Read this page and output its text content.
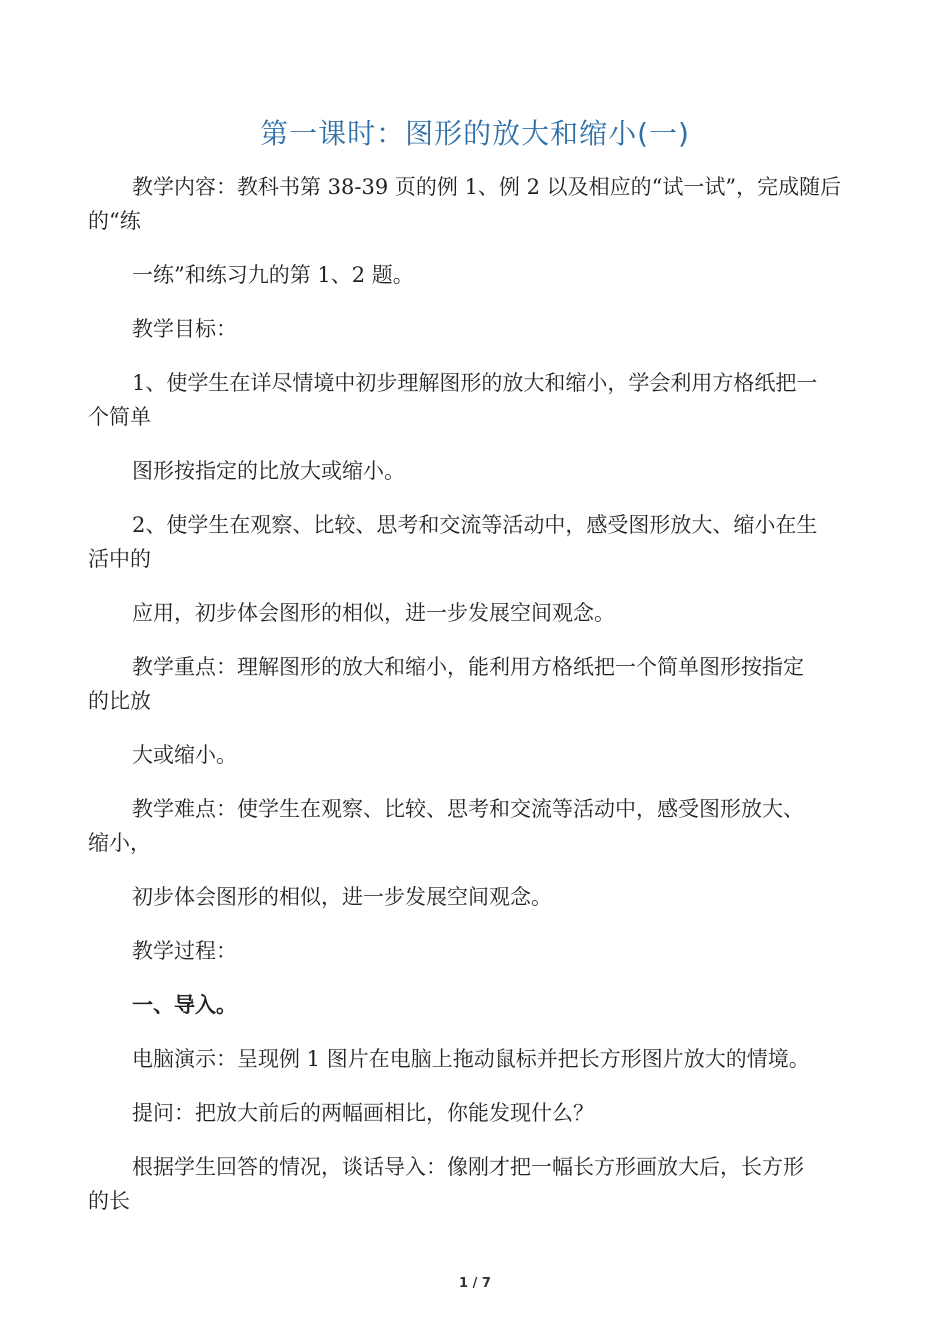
第一课时：图形的放大和缩小(一)
教学内容：教科书第 38-39 页的例 1、例 2 以及相应的“试一试”，完成随后
的“练
一练”和练习九的第 1、2 题。
教学目标：
1、使学生在详尽情境中初步理解图形的放大和缩小，学会利用方格纸把一
个简单
图形按指定的比放大或缩小。
2、使学生在观察、比较、思考和交流等活动中，感受图形放大、缩小在生
活中的
应用，初步体会图形的相似，进一步发展空间观念。
教学重点：理解图形的放大和缩小，能利用方格纸把一个简单图形按指定
的比放
大或缩小。
教学难点：使学生在观察、比较、思考和交流等活动中，感受图形放大、
缩小，
初步体会图形的相似，进一步发展空间观念。
教学过程：
一、导入。
电脑演示：呈现例 1 图片在电脑上拖动鼠标并把长方形图片放大的情境。
提问：把放大前后的两幅画相比，你能发现什么？
根据学生回答的情况，谈话导入：像刚才把一幅长方形画放大后，长方形
的长
1 / 7
